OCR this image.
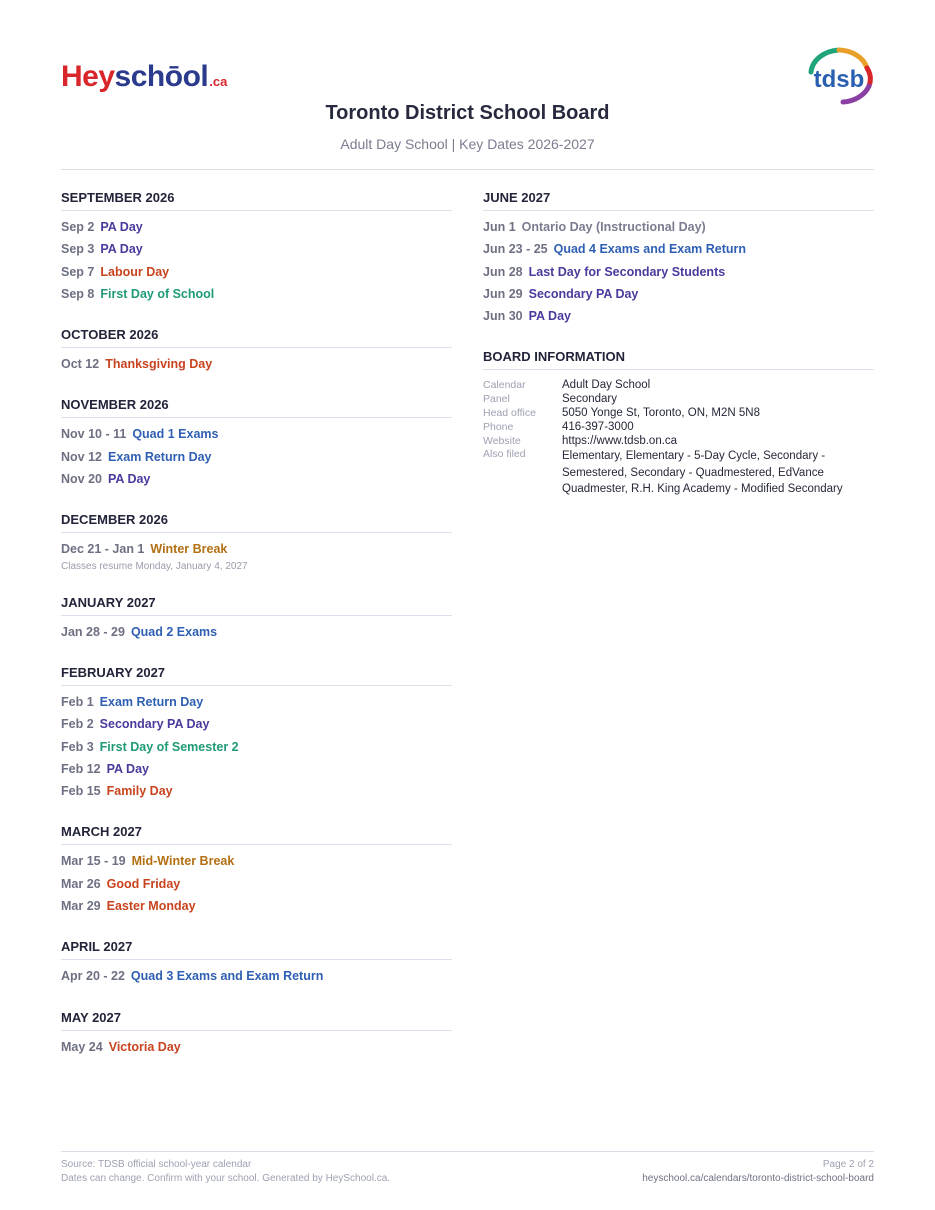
Heyschōol.ca	tdsb
Toronto District School Board
Adult Day School | Key Dates 2026-2027
SEPTEMBER 2026
Sep 2 PA Day
Sep 3 PA Day
Sep 7 Labour Day
Sep 8 First Day of School
OCTOBER 2026
Oct 12 Thanksgiving Day
NOVEMBER 2026
Nov 10 - 11 Quad 1 Exams
Nov 12 Exam Return Day
Nov 20 PA Day
DECEMBER 2026
Dec 21 - Jan 1 Winter Break
Classes resume Monday, January 4, 2027
JANUARY 2027
Jan 28 - 29 Quad 2 Exams
FEBRUARY 2027
Feb 1 Exam Return Day
Feb 2 Secondary PA Day
Feb 3 First Day of Semester 2
Feb 12 PA Day
Feb 15 Family Day
MARCH 2027
Mar 15 - 19 Mid-Winter Break
Mar 26 Good Friday
Mar 29 Easter Monday
APRIL 2027
Apr 20 - 22 Quad 3 Exams and Exam Return
MAY 2027
May 24 Victoria Day
JUNE 2027
Jun 1 Ontario Day (Instructional Day)
Jun 23 - 25 Quad 4 Exams and Exam Return
Jun 28 Last Day for Secondary Students
Jun 29 Secondary PA Day
Jun 30 PA Day
BOARD INFORMATION
Calendar	Adult Day School
Panel	Secondary
Head office	5050 Yonge St, Toronto, ON, M2N 5N8
Phone	416-397-3000
Website	https://www.tdsb.on.ca
Also filed	Elementary, Elementary - 5-Day Cycle, Secondary - Semestered, Secondary - Quadmestered, EdVance Quadmester, R.H. King Academy - Modified Secondary
Source: TDSB official school-year calendar
Dates can change. Confirm with your school. Generated by HeySchool.ca.
Page 2 of 2
heyschool.ca/calendars/toronto-district-school-board
